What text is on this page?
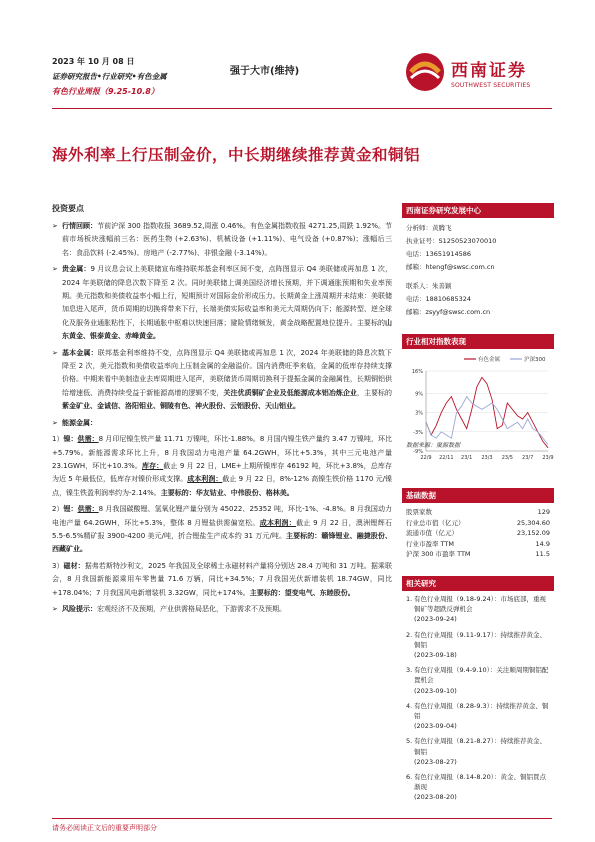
2023 年 10 月 08 日
证券研究报告•行业研究•有色金属
有色行业周报（9.25-10.8）
强于大市(维持)	西南证券
SOUTHWEST SECURITIES
海外利率上行压制金价，中长期继续推荐黄金和铜铝
投资要点

➢ 行情回顾：节前沪深 300 指数收报 3689.52,周涨 0.46%。有色金属指数收报 4271.25,周跌 1.92%。节前市场板块涨幅前三名：医药生物 (+2.63%)、机械设备 (+1.11%)、电气设备 (+0.87%)；涨幅后三名：食品饮料 (-2.45%)、房地产 (-2.77%)、非银金融 (-3.14%)。

➢ 贵金属：9 月议息会议上美联储宣布维持联邦基金利率区间不变，点阵图显示 Q4 美联储或再加息 1 次，2024 年美联储的降息次数下降至 2 次。同时美联储上调美国经济增长预期，并下调通胀预期和失业率预期。美元指数和美债收益率小幅上行，短期预计对国际金价形成压力。长期黄金上涨周期并未结束：美联储加息进入尾声，货币周期的切换将带来下行，长端美债实际收益率和美元大周期仍向下；能源转型、逆全球化及服务业通胀粘性下，长期通胀中枢难以快速回落；避险情绪频发，黄金战略配置地位提升。主要标的山东黄金、银泰黄金、赤峰黄金。

➢ 基本金属：联邦基金利率维持不变，点阵图显示 Q4 美联储或再加息 1 次，2024 年美联储的降息次数下降至 2 次，美元指数和美债收益率向上压制金属的金融溢价。国内消费旺季来临，金属的低库存持续支撑价格。中期来看中美制造业去库周期进入尾声，美联储货币周期切换利于提振金属的金融属性，长期铜铝供给增速低、消费持续受益于新能源高增的逻辑不变，关注优质铜矿企业及低能源成本铝冶炼企业，主要标的紫金矿业、金诚信、洛阳钼业、铜陵有色、神火股份、云铝股份、天山铝业。

➢ 能源金属：

1）镍：供需：8 月印尼镍生铁产量 11.71 万镍吨，环比-1.88%。8 月国内镍生铁产量约 3.47 万镍吨，环比+5.79%。新能源需求环比上升，8 月我国动力电池产量 64.2GWH，环比+5.3%，其中三元电池产量 23.1GWH，环比+10.3%。库存：截止 9 月 22 日，LME+上期所镍库存 46192 吨，环比+3.8%，总库存为近 5 年最低位，低库存对镍价形成支撑。成本利润：截止 9 月 22 日，8%-12% 高镍生铁价格 1170 元/镍点，镍生铁盈利润率约为-2.14%。主要标的：华友钴业、中伟股份、格林美。

2）锂：供需：8 月我国碳酸锂、氢氧化锂产量分别为 45022、25352 吨，环比-1%、-4.8%。8 月我国动力电池产量 64.2GWH，环比+5.3%，整体 8 月锂盐供需偏宽松。成本利润：截止 9 月 22 日，澳洲锂辉石 5.5-6.5%精矿报 3900-4200 美元/吨，折合锂盐生产成本约 31 万元/吨。主要标的：赣锋锂业、融捷股份、西藏矿业。

3）磁材：据弗若斯特沙利文，2025 年我国及全球稀土永磁材料产量将分别达 28.4 万吨和 31 万吨。据乘联会，8 月我国新能源乘用车零售量 71.6 万辆，同比+34.5%；7 月我国光伏新增装机 18.74GW，同比+178.04%；7 月我国风电新增装机 3.32GW，同比+174%。主要标的：望变电气、东睦股份。

➢ 风险提示：宏观经济不及预期，产业供需格局恶化，下游需求不及预期。

西南证券研究发展中心
分析师：黄腾飞
执业证号：S1250523070010
电话：13651914586
邮箱：htengf@swsc.com.cn
联系人：朱善颖
电话：18810685324
邮箱：zsyyf@swsc.com.cn
行业相对指数表现
16%
9%
3%
-3%
-9%
22/9 22/11 23/1 23/3 23/5 23/7 23/9
有色金属	沪深300
数据来源：聚源数据
基础数据
股票家数	129
行业总市值（亿元）	25,304.60
流通市值（亿元）	23,152.09
行业市盈率 TTM	14.9
沪深 300 市盈率 TTM	11.5
相关研究
1. 有色行业周报（9.18-9.24）：市场底部，重视铜矿等超跌反弹机会
(2023-09-24)
2. 有色行业周报（9.11-9.17）：持续推荐黄金、铜铝
(2023-09-18)
3. 有色行业周报（9.4-9.10）：关注顺周期铜铝配置机会
(2023-09-10)
4. 有色行业周报（8.28-9.3）：持续推荐黄金、铜铝
(2023-09-04)
5. 有色行业周报（8.21-8.27）：持续推荐黄金、铜铝
(2023-08-27)
6. 有色行业周报（8.14-8.20）：黄金、铜铝買点渐现
(2023-08-20)
请务必阅读正文后的重要声明部分
